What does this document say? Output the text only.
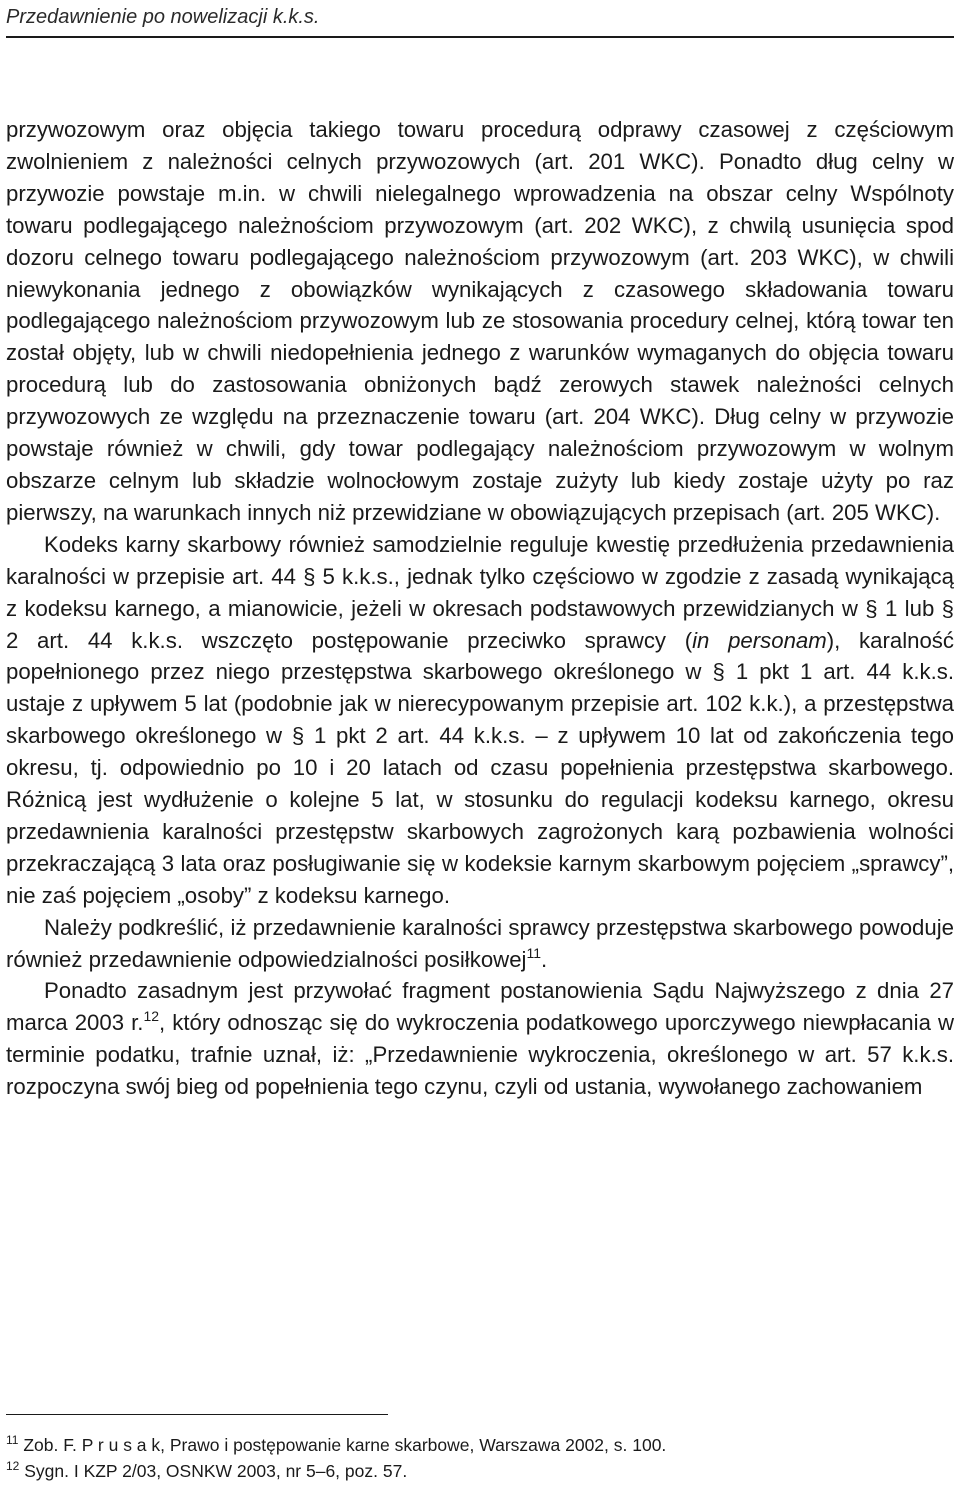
Przedawnienie po nowelizacji k.k.s.

przywozowym oraz objęcia takiego towaru procedurą odprawy czasowej z częściowym zwolnieniem z należności celnych przywozowych (art. 201 WKC). Ponadto dług celny w przywozie powstaje m.in. w chwili nielegalnego wprowadzenia na obszar celny Wspólnoty towaru podlegającego należnościom przywozowym (art. 202 WKC), z chwilą usunięcia spod dozoru celnego towaru podlegającego należnościom przywozowym (art. 203 WKC), w chwili niewykonania jednego z obowiązków wynikających z czasowego składowania towaru podlegającego należnościom przywozowym lub ze stosowania procedury celnej, którą towar ten został objęty, lub w chwili niedopełnienia jednego z warunków wymaganych do objęcia towaru procedurą lub do zastosowania obniżonych bądź zerowych stawek należności celnych przywozowych ze względu na przeznaczenie towaru (art. 204 WKC). Dług celny w przywozie powstaje również w chwili, gdy towar podlegający należnościom przywozowym w wolnym obszarze celnym lub składzie wolnocłowym zostaje zużyty lub kiedy zostaje użyty po raz pierwszy, na warunkach innych niż przewidziane w obowiązujących przepisach (art. 205 WKC).

Kodeks karny skarbowy również samodzielnie reguluje kwestię przedłużenia przedawnienia karalności w przepisie art. 44 § 5 k.k.s., jednak tylko częściowo w zgodzie z zasadą wynikającą z kodeksu karnego, a mianowicie, jeżeli w okresach podstawowych przewidzianych w § 1 lub § 2 art. 44 k.k.s. wszczęto postępowanie przeciwko sprawcy (in personam), karalność popełnionego przez niego przestępstwa skarbowego określonego w § 1 pkt 1 art. 44 k.k.s. ustaje z upływem 5 lat (podobnie jak w nierecypowanym przepisie art. 102 k.k.), a przestępstwa skarbowego określonego w § 1 pkt 2 art. 44 k.k.s. – z upływem 10 lat od zakończenia tego okresu, tj. odpowiednio po 10 i 20 latach od czasu popełnienia przestępstwa skarbowego. Różnicą jest wydłużenie o kolejne 5 lat, w stosunku do regulacji kodeksu karnego, okresu przedawnienia karalności przestępstw skarbowych zagrożonych karą pozbawienia wolności przekraczającą 3 lata oraz posługiwanie się w kodeksie karnym skarbowym pojęciem „sprawcy”, nie zaś pojęciem „osoby” z kodeksu karnego.

Należy podkreślić, iż przedawnienie karalności sprawcy przestępstwa skarbowego powoduje również przedawnienie odpowiedzialności posiłkowej$^{11}$.

Ponadto zasadnym jest przywołać fragment postanowienia Sądu Najwyższego z dnia 27 marca 2003 r.$^{12}$, który odnosząc się do wykroczenia podatkowego uporczywego niewpłacania w terminie podatku, trafnie uznał, iż: „Przedawnienie wykroczenia, określonego w art. 57 k.k.s. rozpoczyna swój bieg od popełnienia tego czynu, czyli od ustania, wywołanego zachowaniem

$^{11}$ Zob. F. P r u s a k, Prawo i postępowanie karne skarbowe, Warszawa 2002, s. 100.

$^{12}$ Sygn. I KZP 2/03, OSNKW 2003, nr 5–6, poz. 57.
